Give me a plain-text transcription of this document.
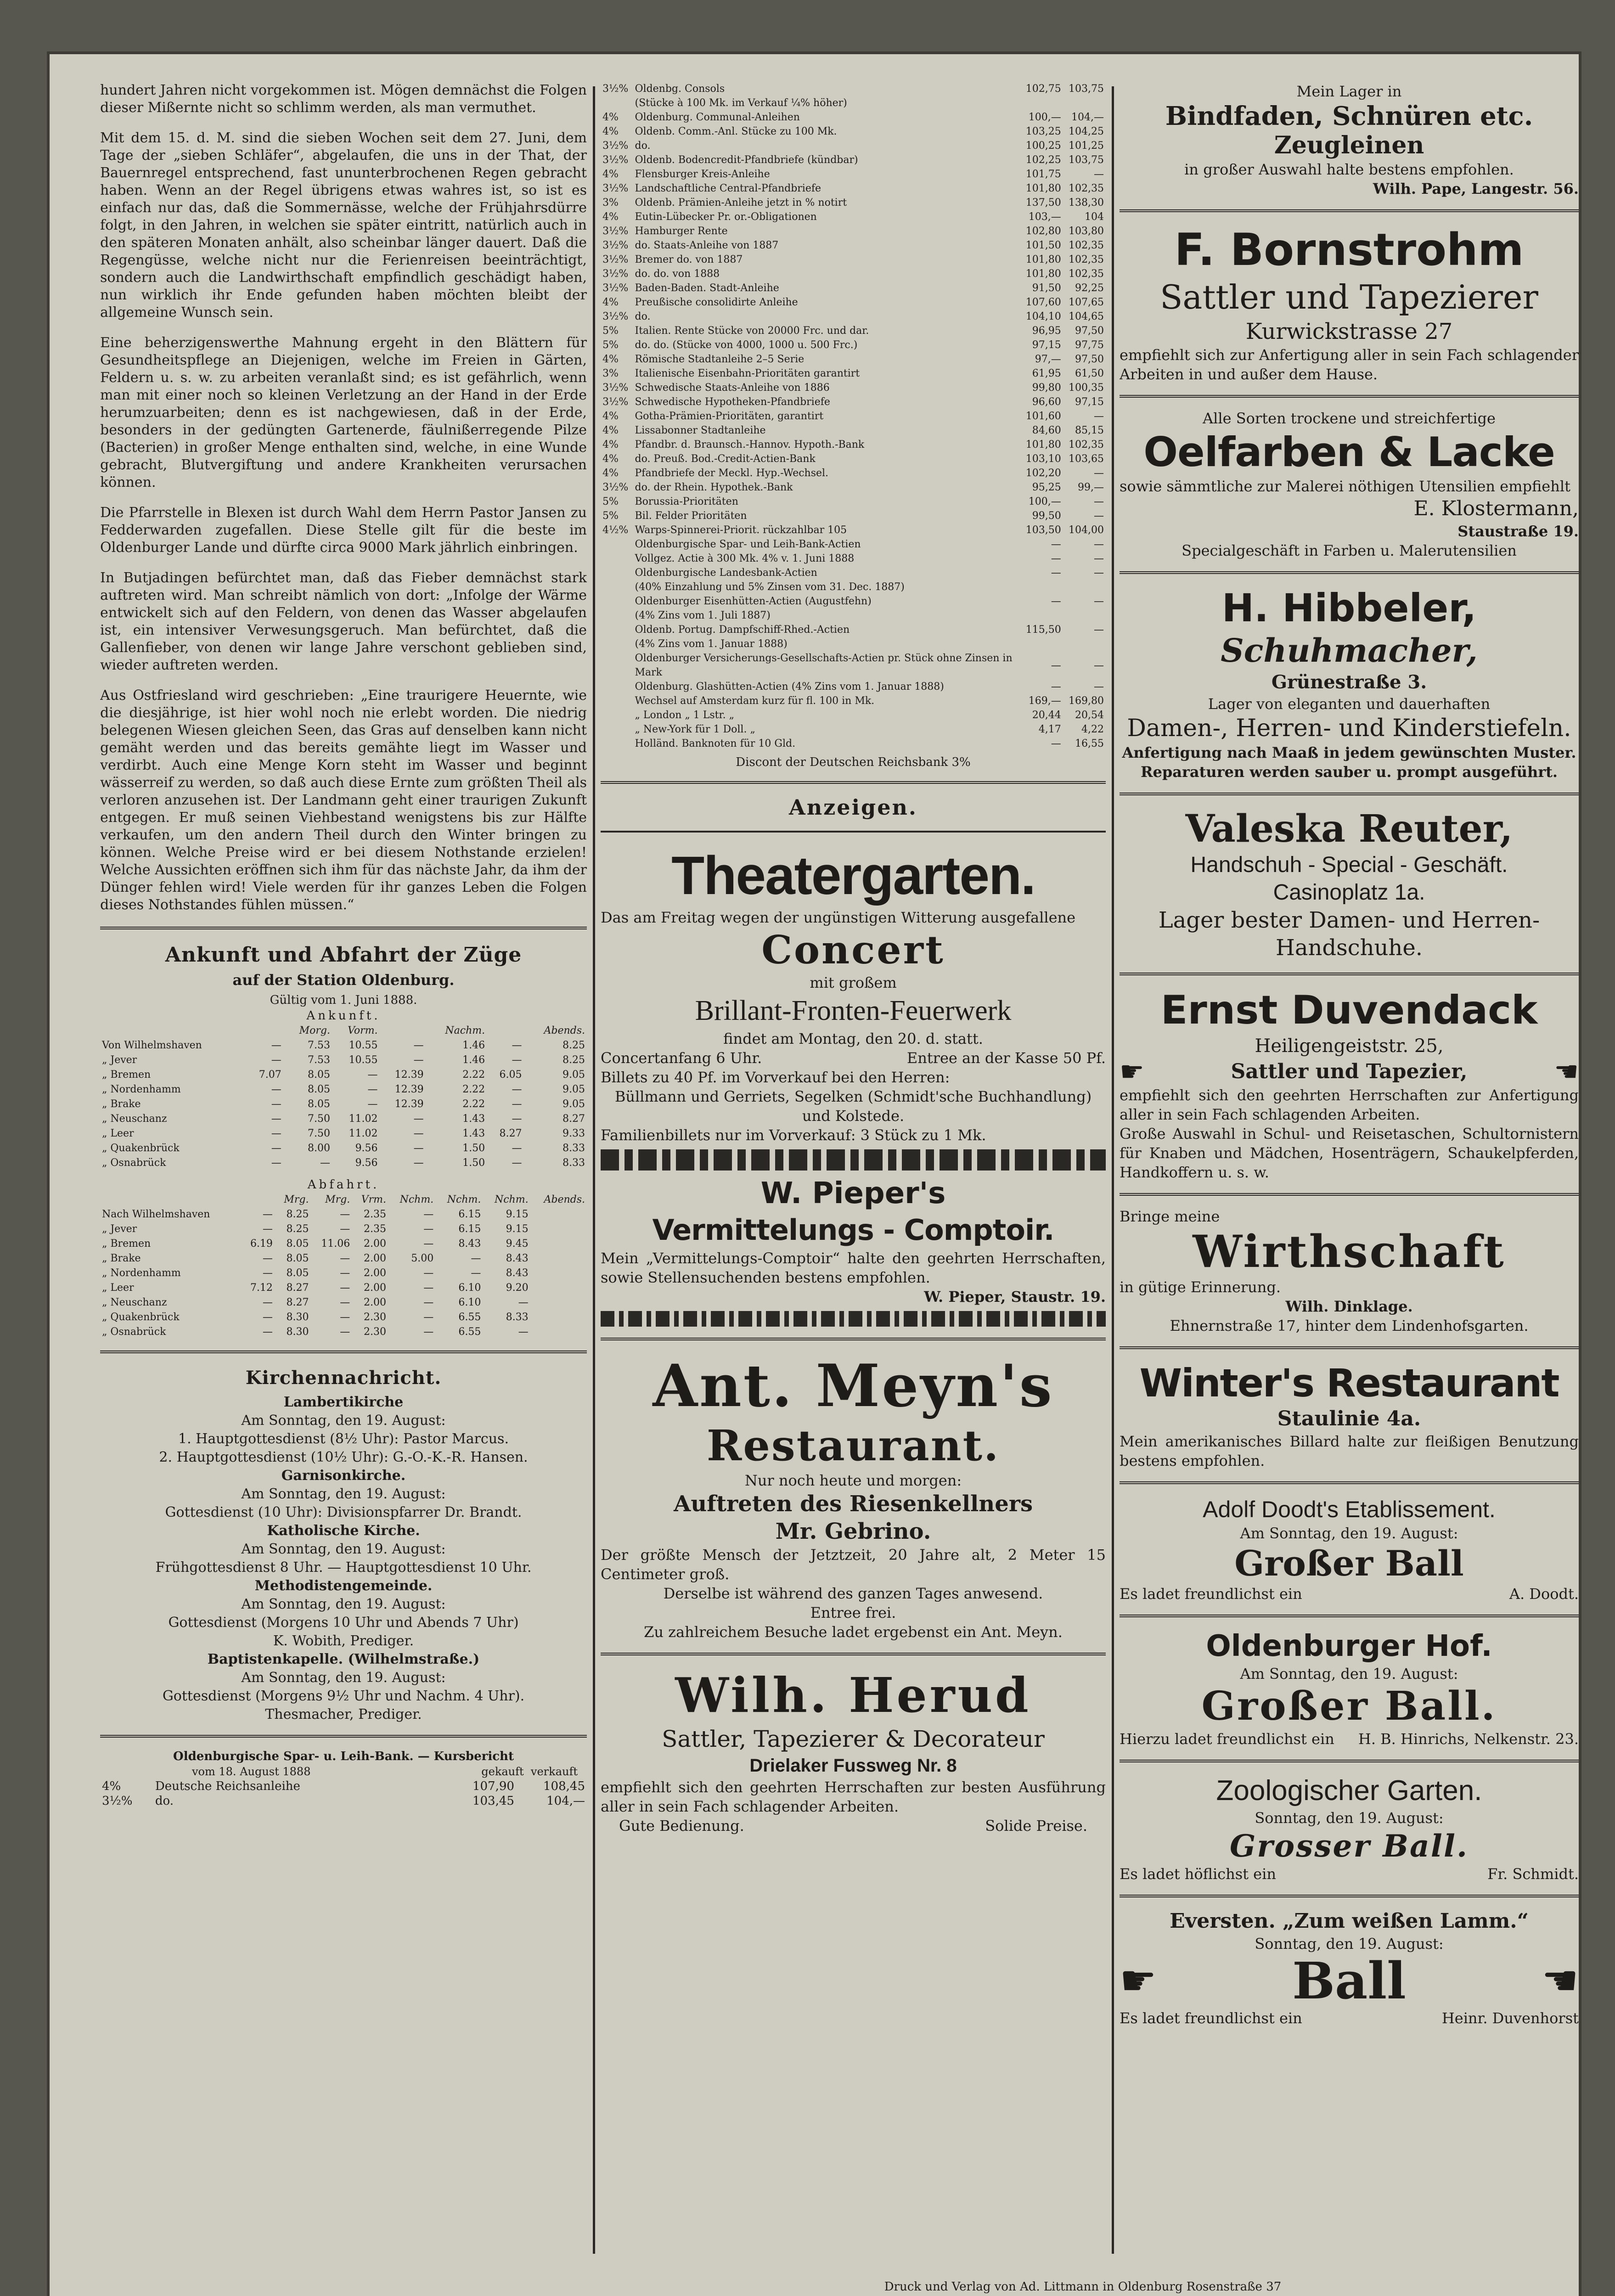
hundert Jahren nicht vorgekommen ist. Mögen demnächst die Folgen dieser Mißernte nicht so schlimm werden, als man vermuthet.

Mit dem 15. d. M. sind die sieben Wochen seit dem 27. Juni, dem Tage der „sieben Schläfer“, abgelaufen, die uns in der That, der Bauernregel entsprechend, fast ununterbrochenen Regen gebracht haben. Wenn an der Regel übrigens etwas wahres ist, so ist es einfach nur das, daß die Sommernässe, welche der Frühjahrsdürre folgt, in den Jahren, in welchen sie später eintritt, natürlich auch in den späteren Monaten anhält, also scheinbar länger dauert. Daß die Regengüsse, welche nicht nur die Ferienreisen beeinträchtigt, sondern auch die Landwirthschaft empfindlich geschädigt haben, nun wirklich ihr Ende gefunden haben möchten bleibt der allgemeine Wunsch sein.

Eine beherzigenswerthe Mahnung ergeht in den Blättern für Gesundheitspflege an Diejenigen, welche im Freien in Gärten, Feldern u. s. w. zu arbeiten veranlaßt sind; es ist gefährlich, wenn man mit einer noch so kleinen Verletzung an der Hand in der Erde herumzuarbeiten; denn es ist nachgewiesen, daß in der Erde, besonders in der gedüngten Gartenerde, fäulnißerregende Pilze (Bacterien) in großer Menge enthalten sind, welche, in eine Wunde gebracht, Blutvergiftung und andere Krankheiten verursachen können.

Die Pfarrstelle in Blexen ist durch Wahl dem Herrn Pastor Jansen zu Fedderwarden zugefallen. Diese Stelle gilt für die beste im Oldenburger Lande und dürfte circa 9000 Mark jährlich einbringen.

In Butjadingen befürchtet man, daß das Fieber demnächst stark auftreten wird. Man schreibt nämlich von dort: „Infolge der Wärme entwickelt sich auf den Feldern, von denen das Wasser abgelaufen ist, ein intensiver Verwesungsgeruch. Man befürchtet, daß die Gallenfieber, von denen wir lange Jahre verschont geblieben sind, wieder auftreten werden.

Aus Ostfriesland wird geschrieben: „Eine traurigere Heuernte, wie die diesjährige, ist hier wohl noch nie erlebt worden. Die niedrig belegenen Wiesen gleichen Seen, das Gras auf denselben kann nicht gemäht werden und das bereits gemähte liegt im Wasser und verdirbt. Auch eine Menge Korn steht im Wasser und beginnt wässerreif zu werden, so daß auch diese Ernte zum größten Theil als verloren anzusehen ist. Der Landmann geht einer traurigen Zukunft entgegen. Er muß seinen Viehbestand wenigstens bis zur Hälfte verkaufen, um den andern Theil durch den Winter bringen zu können. Welche Preise wird er bei diesem Nothstande erzielen! Welche Aussichten eröffnen sich ihm für das nächste Jahr, da ihm der Dünger fehlen wird! Viele werden für ihr ganzes Leben die Folgen dieses Nothstandes fühlen müssen.“

Ankunft und Abfahrt der Züge
auf der Station Oldenburg.
Gültig vom 1. Juni 1888.
Ankunft.
		Morg.	Vorm.		Nachm.		Abends.
Von Wilhelmshaven	—	7.53	10.55	—	1.46	—	8.25
„ Jever	—	7.53	10.55	—	1.46	—	8.25
„ Bremen	7.07	8.05	—	12.39	2.22	6.05	9.05
„ Nordenhamm	—	8.05	—	12.39	2.22	—	9.05
„ Brake	—	8.05	—	12.39	2.22	—	9.05
„ Neuschanz	—	7.50	11.02	—	1.43	—	8.27
„ Leer	—	7.50	11.02	—	1.43	8.27	9.33
„ Quakenbrück	—	8.00	9.56	—	1.50	—	8.33
„ Osnabrück	—	—	9.56	—	1.50	—	8.33
Abfahrt.
		Mrg.	Mrg.	Vrm.	Nchm.	Nchm.	Nchm.	Abends.
Nach Wilhelmshaven	—	8.25	—	2.35	—	6.15	9.15	
„ Jever	—	8.25	—	2.35	—	6.15	9.15	
„ Bremen	6.19	8.05	11.06	2.00	—	8.43	9.45	
„ Brake	—	8.05	—	2.00	5.00	—	8.43	
„ Nordenhamm	—	8.05	—	2.00	—	—	8.43	
„ Leer	7.12	8.27	—	2.00	—	6.10	9.20	
„ Neuschanz	—	8.27	—	2.00	—	6.10	—	
„ Quakenbrück	—	8.30	—	2.30	—	6.55	8.33	
„ Osnabrück	—	8.30	—	2.30	—	6.55	—	
Kirchennachricht.
Lambertikirche
Am Sonntag, den 19. August:
1. Hauptgottesdienst (8½ Uhr): Pastor Marcus.
2. Hauptgottesdienst (10½ Uhr): G.-O.-K.-R. Hansen.
Garnisonkirche.
Am Sonntag, den 19. August:
Gottesdienst (10 Uhr): Divisionspfarrer Dr. Brandt.
Katholische Kirche.
Am Sonntag, den 19. August:
Frühgottesdienst 8 Uhr. — Hauptgottesdienst 10 Uhr.
Methodistengemeinde.
Am Sonntag, den 19. August:
Gottesdienst (Morgens 10 Uhr und Abends 7 Uhr)
K. Wobith, Prediger.
Baptistenkapelle. (Wilhelmstraße.)
Am Sonntag, den 19. August:
Gottesdienst (Morgens 9½ Uhr und Nachm. 4 Uhr).
Thesmacher, Prediger.
Oldenburgische Spar- u. Leih-Bank. — Kursbericht
vom 18. August 1888	gekauft verkauft
4%	Deutsche Reichsanleihe	107,90	108,45
3½%	do.	103,45	104,—
3½%	Oldenbg. Consols	102,75	103,75
	(Stücke à 100 Mk. im Verkauf ¼% höher)		
4%	Oldenburg. Communal-Anleihen	100,—	104,—
4%	Oldenb. Comm.-Anl. Stücke zu 100 Mk.	103,25	104,25
3½%	do.	100,25	101,25
3½%	Oldenb. Bodencredit-Pfandbriefe (kündbar)	102,25	103,75
4%	Flensburger Kreis-Anleihe	101,75	—
3½%	Landschaftliche Central-Pfandbriefe	101,80	102,35
3%	Oldenb. Prämien-Anleihe jetzt in % notirt	137,50	138,30
4%	Eutin-Lübecker Pr. or.-Obligationen	103,—	104
3½%	Hamburger Rente	102,80	103,80
3½%	do. Staats-Anleihe von 1887	101,50	102,35
3½%	Bremer do. von 1887	101,80	102,35
3½%	do. do. von 1888	101,80	102,35
3½%	Baden-Baden. Stadt-Anleihe	91,50	92,25
4%	Preußische consolidirte Anleihe	107,60	107,65
3½%	do.	104,10	104,65
5%	Italien. Rente Stücke von 20000 Frc. und dar.	96,95	97,50
5%	do. do. (Stücke von 4000, 1000 u. 500 Frc.)	97,15	97,75
4%	Römische Stadtanleihe 2–5 Serie	97,—	97,50
3%	Italienische Eisenbahn-Prioritäten garantirt	61,95	61,50
3½%	Schwedische Staats-Anleihe von 1886	99,80	100,35
3½%	Schwedische Hypotheken-Pfandbriefe	96,60	97,15
4%	Gotha-Prämien-Prioritäten, garantirt	101,60	—
4%	Lissabonner Stadtanleihe	84,60	85,15
4%	Pfandbr. d. Braunsch.-Hannov. Hypoth.-Bank	101,80	102,35
4%	do. Preuß. Bod.-Credit-Actien-Bank	103,10	103,65
4%	Pfandbriefe der Meckl. Hyp.-Wechsel.	102,20	—
3½%	do. der Rhein. Hypothek.-Bank	95,25	99,—
5%	Borussia-Prioritäten	100,—	—
5%	Bil. Felder Prioritäten	99,50	—
4½%	Warps-Spinnerei-Priorit. rückzahlbar 105	103,50	104,00
	Oldenburgische Spar- und Leih-Bank-Actien	—	—
	Vollgez. Actie à 300 Mk. 4% v. 1. Juni 1888	—	—
	Oldenburgische Landesbank-Actien	—	—
	(40% Einzahlung und 5% Zinsen vom 31. Dec. 1887)		
	Oldenburger Eisenhütten-Actien (Augustfehn)	—	—
	(4% Zins vom 1. Juli 1887)		
	Oldenb. Portug. Dampfschiff-Rhed.-Actien	115,50	—
	(4% Zins vom 1. Januar 1888)		
	Oldenburger Versicherungs-Gesellschafts-Actien pr. Stück ohne Zinsen in Mark	—	—
	Oldenburg. Glashütten-Actien (4% Zins vom 1. Januar 1888)	—	—
	Wechsel auf Amsterdam kurz für fl. 100 in Mk.	169,—	169,80
	„ London „ 1 Lstr. „	20,44	20,54
	„ New-York für 1 Doll. „	4,17	4,22
	Holländ. Banknoten für 10 Gld.	—	16,55
Discont der Deutschen Reichsbank 3%
Anzeigen.
Theatergarten.
Das am Freitag wegen der ungünstigen Witterung ausgefallene
Concert
mit großem
Brillant-Fronten-Feuerwerk
findet am Montag, den 20. d. statt.
Concertanfang 6 Uhr.	Entree an der Kasse 50 Pf.
Billets zu 40 Pf. im Vorverkauf bei den Herren:
Büllmann und Gerriets, Segelken (Schmidt'sche Buchhandlung) und Kolstede.
Familienbillets nur im Vorverkauf: 3 Stück zu 1 Mk.
W. Pieper's
Vermittelungs - Comptoir.
Mein „Vermittelungs-Comptoir“ halte den geehrten Herrschaften, sowie Stellensuchenden bestens empfohlen.
W. Pieper, Staustr. 19.
Ant. Meyn's
Restaurant.
Nur noch heute und morgen:
Auftreten des Riesenkellners
Mr. Gebrino.
Der größte Mensch der Jetztzeit, 20 Jahre alt, 2 Meter 15 Centimeter groß.
Derselbe ist während des ganzen Tages anwesend.
Entree frei.
Zu zahlreichem Besuche ladet ergebenst ein Ant. Meyn.
Wilh. Herud
Sattler, Tapezierer & Decorateur
Drielaker Fussweg Nr. 8
empfiehlt sich den geehrten Herrschaften zur besten Ausführung aller in sein Fach schlagender Arbeiten.
Gute Bedienung.	Solide Preise.
Mein Lager in
Bindfaden, Schnüren etc.
Zeugleinen
in großer Auswahl halte bestens empfohlen.
Wilh. Pape, Langestr. 56.
F. Bornstrohm
Sattler und Tapezierer
Kurwickstrasse 27
empfiehlt sich zur Anfertigung aller in sein Fach schlagender Arbeiten in und außer dem Hause.
Alle Sorten trockene und streichfertige
Oelfarben & Lacke
sowie sämmtliche zur Malerei nöthigen Utensilien empfiehlt
E. Klostermann,
Staustraße 19.
Specialgeschäft in Farben u. Malerutensilien
H. Hibbeler,
Schuhmacher,
Grünestraße 3.
Lager von eleganten und dauerhaften
Damen-, Herren- und Kinderstiefeln.
Anfertigung nach Maaß in jedem gewünschten Muster.
Reparaturen werden sauber u. prompt ausgeführt.
Valeska Reuter,
Handschuh - Special - Geschäft.
Casinoplatz 1a.
Lager bester Damen- und Herren-Handschuhe.
Ernst Duvendack
Heiligengeiststr. 25,
☛	Sattler und Tapezier,	☚
empfiehlt sich den geehrten Herrschaften zur Anfertigung aller in sein Fach schlagenden Arbeiten.
Große Auswahl in Schul- und Reisetaschen, Schultornistern für Knaben und Mädchen, Hosenträgern, Schaukelpferden, Handkoffern u. s. w.
Bringe meine
Wirthschaft
in gütige Erinnerung.
Wilh. Dinklage.
Ehnernstraße 17, hinter dem Lindenhofsgarten.
Winter's Restaurant
Staulinie 4a.
Mein amerikanisches Billard halte zur fleißigen Benutzung bestens empfohlen.
Adolf Doodt's Etablissement.
Am Sonntag, den 19. August:
Großer Ball
Es ladet freundlichst ein	A. Doodt.
Oldenburger Hof.
Am Sonntag, den 19. August:
Großer Ball.
Hierzu ladet freundlichst ein H. B. Hinrichs, Nelkenstr. 23.
Zoologischer Garten.
Sonntag, den 19. August:
Grosser Ball.
Es ladet höflichst ein	Fr. Schmidt.
Eversten. „Zum weißen Lamm.“
Sonntag, den 19. August:
☛	Ball	☚
Es ladet freundlichst ein	Heinr. Duvenhorst
Druck und Verlag von Ad. Littmann in Oldenburg Rosenstraße 37
